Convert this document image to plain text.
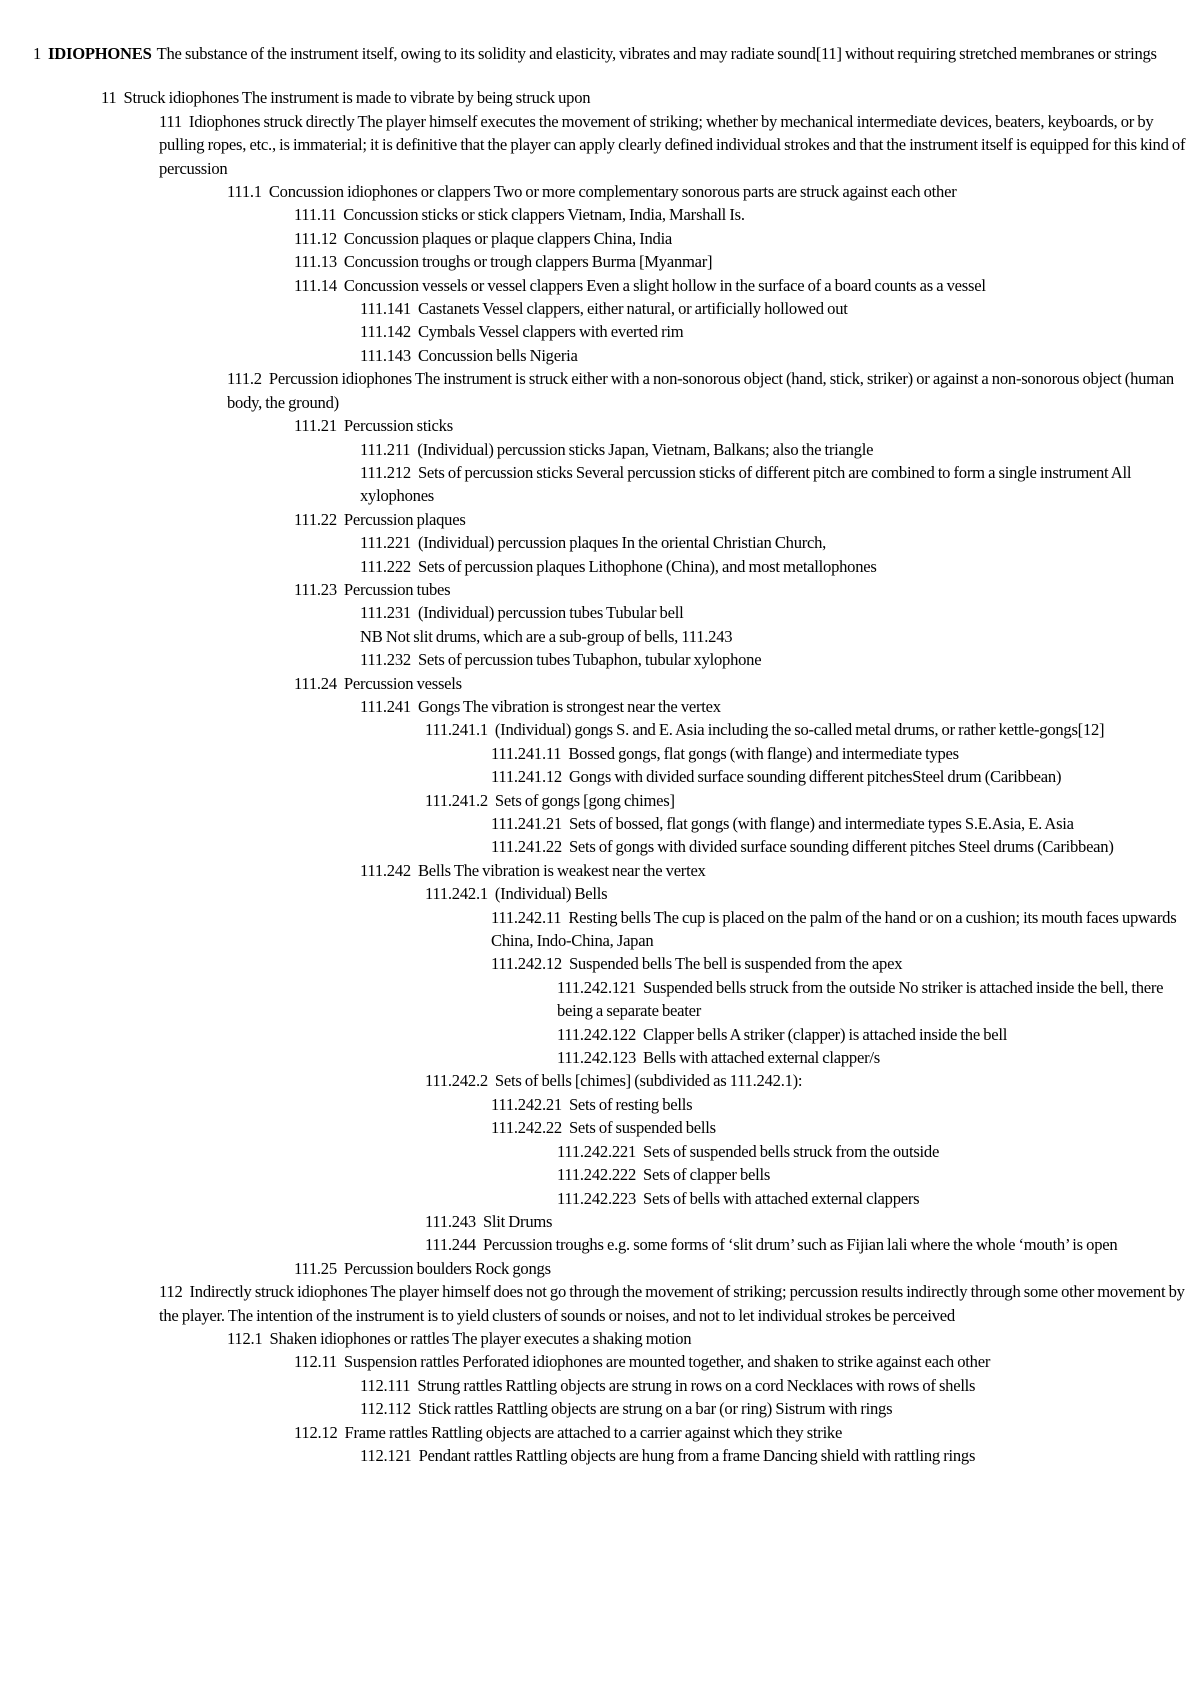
1 IDIOPHONES The substance of the instrument itself, owing to its solidity and elasticity, vibrates and may radiate sound[11] without requiring stretched membranes or strings
11 Struck idiophones The instrument is made to vibrate by being struck upon
111 Idiophones struck directly The player himself executes the movement of striking; whether by mechanical intermediate devices, beaters, keyboards, or by pulling ropes, etc., is immaterial; it is definitive that the player can apply clearly defined individual strokes and that the instrument itself is equipped for this kind of percussion
111.1 Concussion idiophones or clappers Two or more complementary sonorous parts are struck against each other
111.11 Concussion sticks or stick clappers Vietnam, India, Marshall Is.
111.12 Concussion plaques or plaque clappers China, India
111.13 Concussion troughs or trough clappers Burma [Myanmar]
111.14 Concussion vessels or vessel clappers Even a slight hollow in the surface of a board counts as a vessel
111.141 Castanets Vessel clappers, either natural, or artificially hollowed out
111.142 Cymbals Vessel clappers with everted rim
111.143 Concussion bells Nigeria
111.2 Percussion idiophones The instrument is struck either with a non-sonorous object (hand, stick, striker) or against a non-sonorous object (human body, the ground)
111.21 Percussion sticks
111.211 (Individual) percussion sticks Japan, Vietnam, Balkans; also the triangle
111.212 Sets of percussion sticks Several percussion sticks of different pitch are combined to form a single instrument All xylophones
111.22 Percussion plaques
111.221 (Individual) percussion plaques In the oriental Christian Church,
111.222 Sets of percussion plaques Lithophone (China), and most metallophones
111.23 Percussion tubes
111.231 (Individual) percussion tubes Tubular bell
NB Not slit drums, which are a sub-group of bells, 111.243
111.232 Sets of percussion tubes Tubaphon, tubular xylophone
111.24 Percussion vessels
111.241 Gongs The vibration is strongest near the vertex
111.241.1 (Individual) gongs S. and E. Asia including the so-called metal drums, or rather kettle-gongs[12]
111.241.11 Bossed gongs, flat gongs (with flange) and intermediate types
111.241.12 Gongs with divided surface sounding different pitchesSteel drum (Caribbean)
111.241.2 Sets of gongs [gong chimes]
111.241.21 Sets of bossed, flat gongs (with flange) and intermediate types S.E.Asia, E. Asia
111.241.22 Sets of gongs with divided surface sounding different pitches Steel drums (Caribbean)
111.242 Bells The vibration is weakest near the vertex
111.242.1 (Individual) Bells
111.242.11 Resting bells The cup is placed on the palm of the hand or on a cushion; its mouth faces upwards China, Indo-China, Japan
111.242.12 Suspended bells The bell is suspended from the apex
111.242.121 Suspended bells struck from the outside No striker is attached inside the bell, there being a separate beater
111.242.122 Clapper bells A striker (clapper) is attached inside the bell
111.242.123 Bells with attached external clapper/s
111.242.2 Sets of bells [chimes] (subdivided as 111.242.1):
111.242.21 Sets of resting bells
111.242.22 Sets of suspended bells
111.242.221 Sets of suspended bells struck from the outside
111.242.222 Sets of clapper bells
111.242.223 Sets of bells with attached external clappers
111.243 Slit Drums
111.244 Percussion troughs e.g. some forms of ‘slit drum’ such as Fijian lali where the whole ‘mouth’ is open
111.25 Percussion boulders Rock gongs
112 Indirectly struck idiophones The player himself does not go through the movement of striking; percussion results indirectly through some other movement by the player. The intention of the instrument is to yield clusters of sounds or noises, and not to let individual strokes be perceived
112.1 Shaken idiophones or rattles The player executes a shaking motion
112.11 Suspension rattles Perforated idiophones are mounted together, and shaken to strike against each other
112.111 Strung rattles Rattling objects are strung in rows on a cord Necklaces with rows of shells
112.112 Stick rattles Rattling objects are strung on a bar (or ring) Sistrum with rings
112.12 Frame rattles Rattling objects are attached to a carrier against which they strike
112.121 Pendant rattles Rattling objects are hung from a frame Dancing shield with rattling rings
